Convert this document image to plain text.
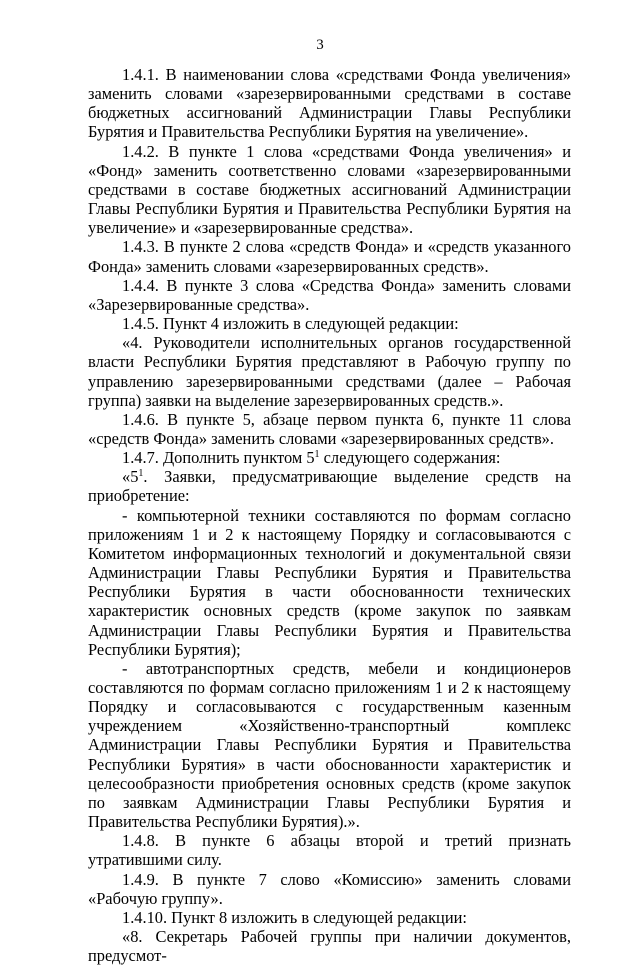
3

1.4.1. В наименовании слова «средствами Фонда увеличения» заменить словами «зарезервированными средствами в составе бюджетных ассигнований Администрации Главы Республики Бурятия и Правительства Республики Бурятия на увеличение».

1.4.2. В пункте 1 слова «средствами Фонда увеличения» и «Фонд» заменить соответственно словами «зарезервированными средствами в составе бюджетных ассигнований Администрации Главы Республики Бурятия и Правительства Республики Бурятия на увеличение» и «зарезервированные средства».

1.4.3. В пункте 2 слова «средств Фонда» и «средств указанного Фонда» заменить словами «зарезервированных средств».

1.4.4. В пункте 3 слова «Средства Фонда» заменить словами «Зарезервированные средства».

1.4.5. Пункт 4 изложить в следующей редакции:

«4. Руководители исполнительных органов государственной власти Республики Бурятия представляют в Рабочую группу по управлению зарезервированными средствами (далее – Рабочая группа) заявки на выделение зарезервированных средств.».

1.4.6. В пункте 5, абзаце первом пункта 6, пункте 11 слова «средств Фонда» заменить словами «зарезервированных средств».

1.4.7. Дополнить пунктом $5^1$ следующего содержания:

«$5^1$. Заявки, предусматривающие выделение средств на приобретение:

- компьютерной техники составляются по формам согласно приложениям 1 и 2 к настоящему Порядку и согласовываются с Комитетом информационных технологий и документальной связи Администрации Главы Республики Бурятия и Правительства Республики Бурятия в части обоснованности технических характеристик основных средств (кроме закупок по заявкам Администрации Главы Республики Бурятия и Правительства Республики Бурятия);

- автотранспортных средств, мебели и кондиционеров составляются по формам согласно приложениям 1 и 2 к настоящему Порядку и согласовываются с государственным казенным учреждением «Хозяйственно-транспортный комплекс Администрации Главы Республики Бурятия и Правительства Республики Бурятия» в части обоснованности характеристик и целесообразности приобретения основных средств (кроме закупок по заявкам Администрации Главы Республики Бурятия и Правительства Республики Бурятия).».

1.4.8. В пункте 6 абзацы второй и третий признать утратившими силу.

1.4.9. В пункте 7 слово «Комиссию» заменить словами «Рабочую группу».

1.4.10. Пункт 8 изложить в следующей редакции:

«8. Секретарь Рабочей группы при наличии документов, предусмот-
